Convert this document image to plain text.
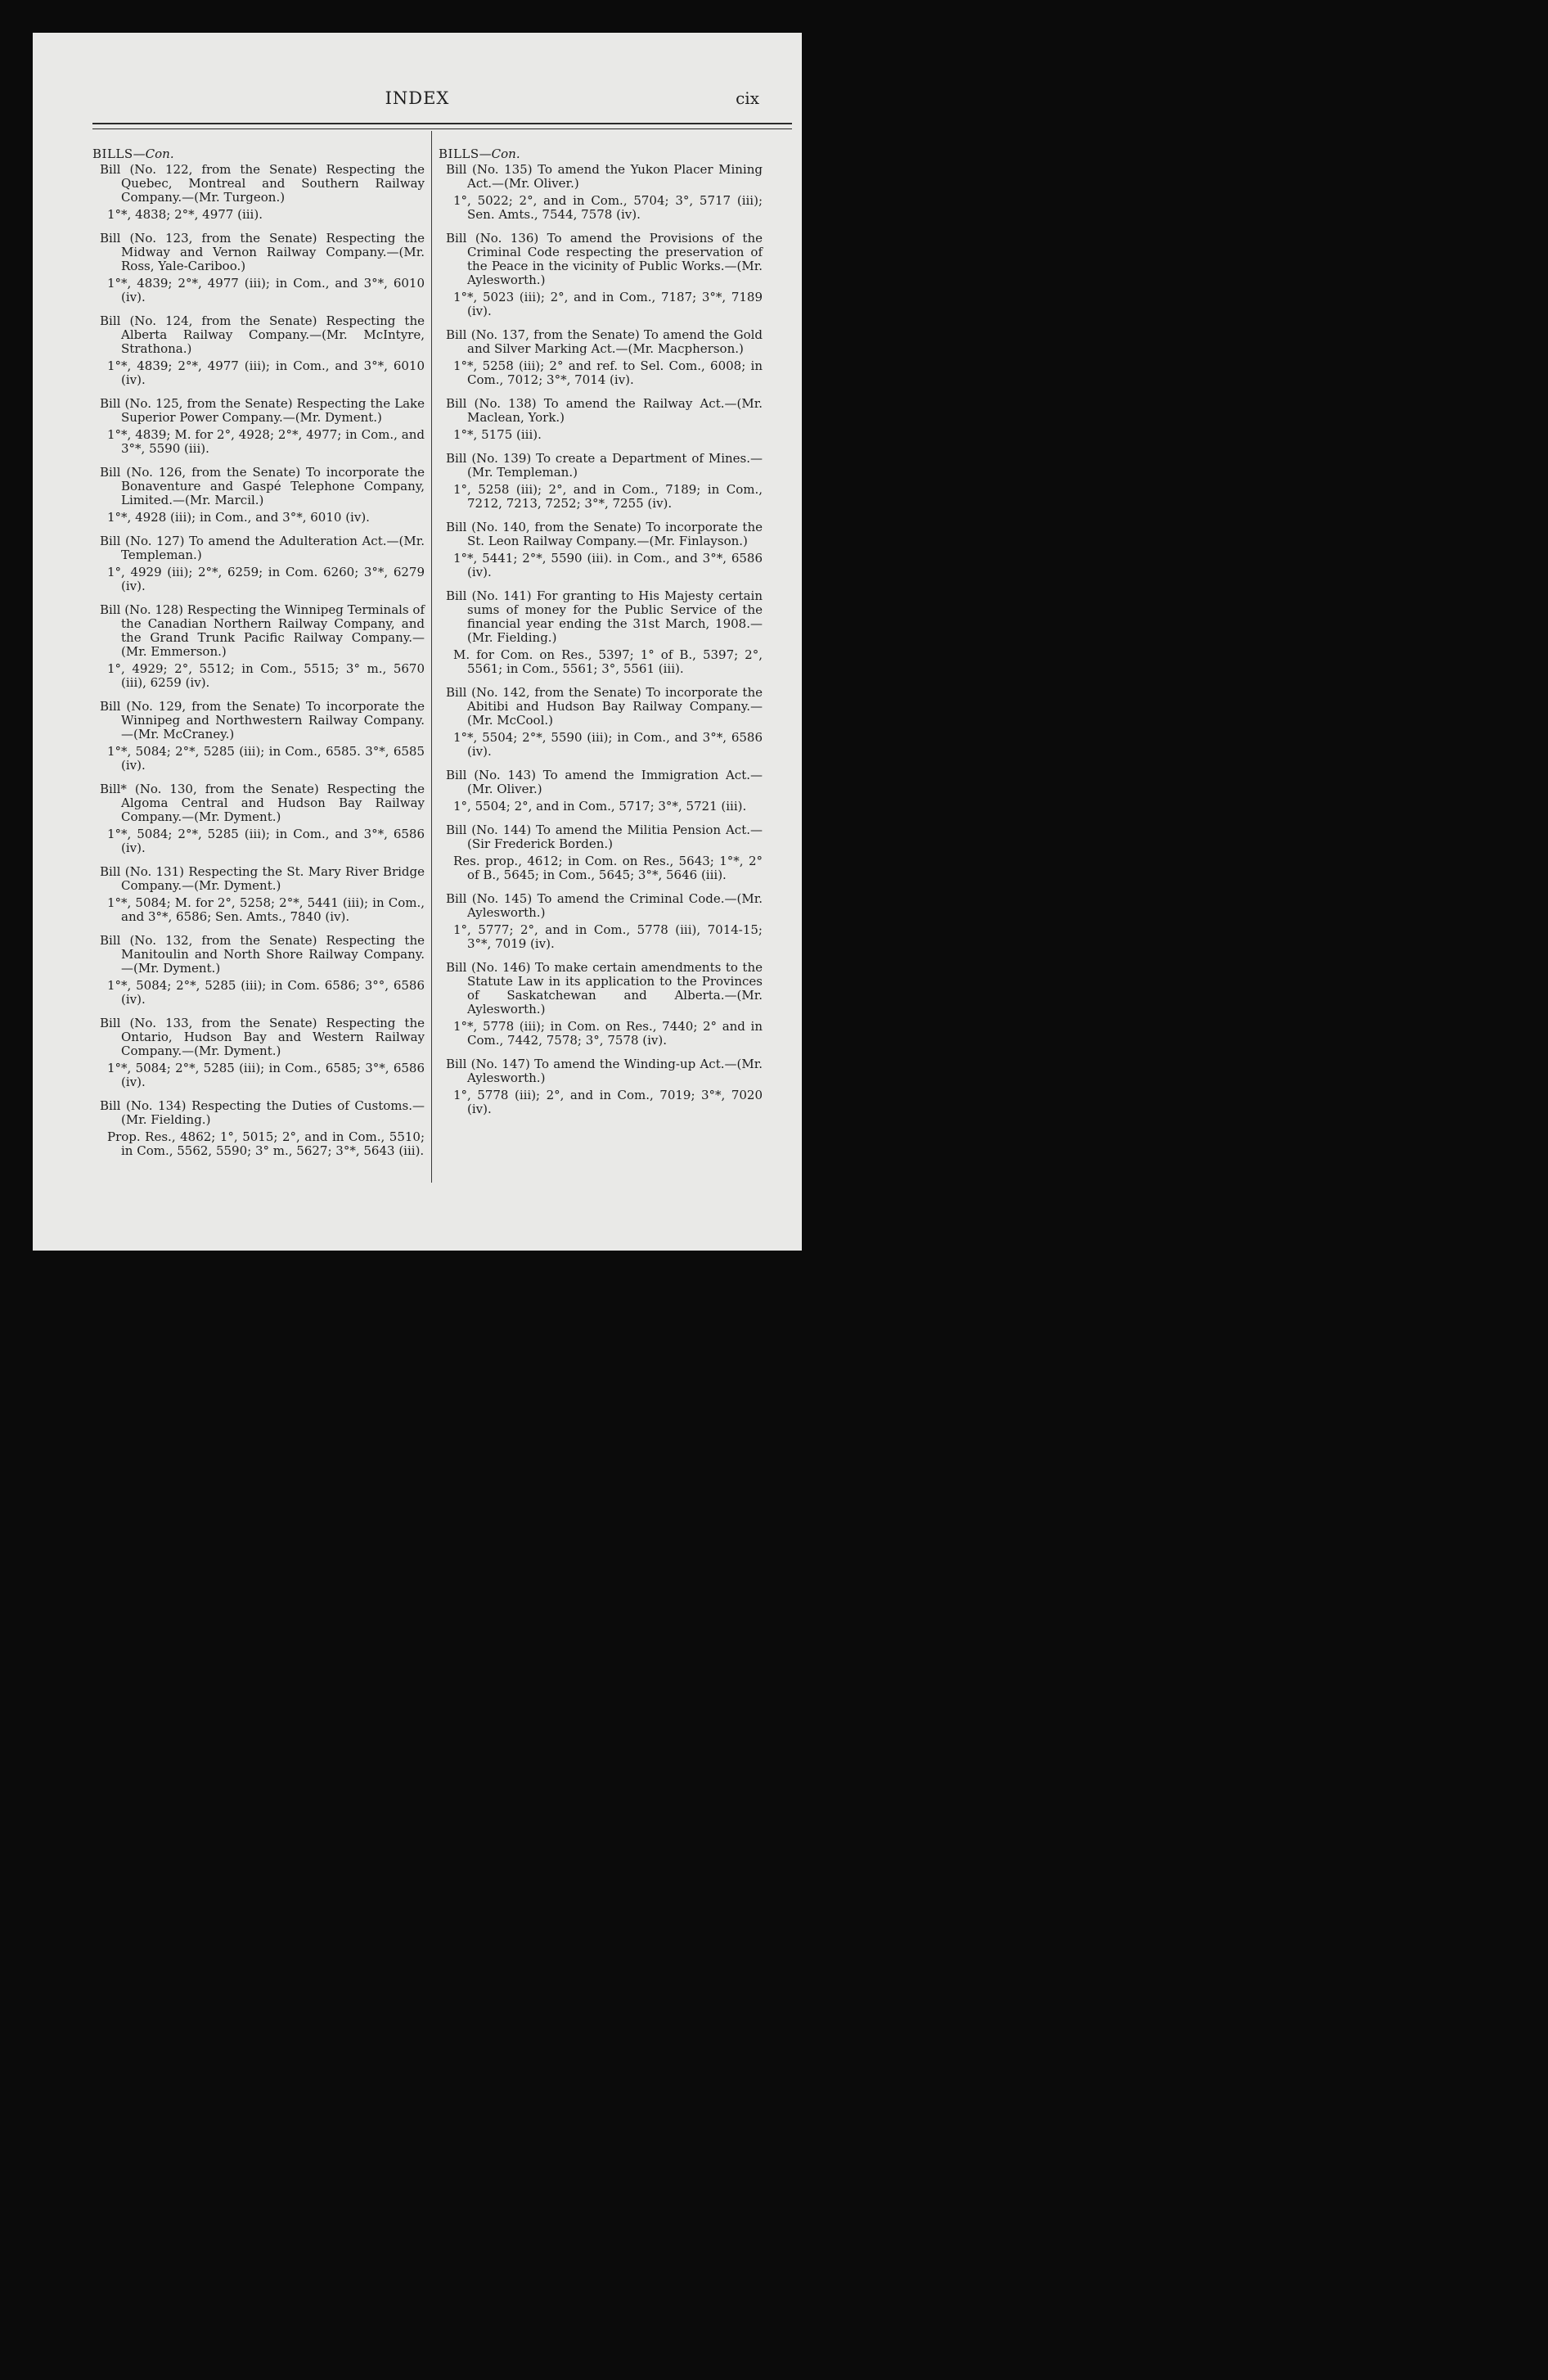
INDEX	cix
BILLS—Con.
Bill (No. 122, from the Senate) Respecting the Quebec, Montreal and Southern Railway Company.—(Mr. Turgeon.)
1°*, 4838; 2°*, 4977 (iii).
Bill (No. 123, from the Senate) Respecting the Midway and Vernon Railway Company.—(Mr. Ross, Yale-Cariboo.)
1°*, 4839; 2°*, 4977 (iii); in Com., and 3°*, 6010 (iv).
Bill (No. 124, from the Senate) Respecting the Alberta Railway Company.—(Mr. McIntyre, Strathona.)
1°*, 4839; 2°*, 4977 (iii); in Com., and 3°*, 6010 (iv).
Bill (No. 125, from the Senate) Respecting the Lake Superior Power Company.—(Mr. Dyment.)
1°*, 4839; M. for 2°, 4928; 2°*, 4977; in Com., and 3°*, 5590 (iii).
Bill (No. 126, from the Senate) To incorporate the Bonaventure and Gaspé Telephone Company, Limited.—(Mr. Marcil.)
1°*, 4928 (iii); in Com., and 3°*, 6010 (iv).
Bill (No. 127) To amend the Adulteration Act.—(Mr. Templeman.)
1°, 4929 (iii); 2°*, 6259; in Com. 6260; 3°*, 6279 (iv).
Bill (No. 128) Respecting the Winnipeg Terminals of the Canadian Northern Railway Company, and the Grand Trunk Pacific Railway Company.—(Mr. Emmerson.)
1°, 4929; 2°, 5512; in Com., 5515; 3° m., 5670 (iii), 6259 (iv).
Bill (No. 129, from the Senate) To incorporate the Winnipeg and Northwestern Railway Company.—(Mr. McCraney.)
1°*, 5084; 2°*, 5285 (iii); in Com., 6585. 3°*, 6585 (iv).
Bill* (No. 130, from the Senate) Respecting the Algoma Central and Hudson Bay Railway Company.—(Mr. Dyment.)
1°*, 5084; 2°*, 5285 (iii); in Com., and 3°*, 6586 (iv).
Bill (No. 131) Respecting the St. Mary River Bridge Company.—(Mr. Dyment.)
1°*, 5084; M. for 2°, 5258; 2°*, 5441 (iii); in Com., and 3°*, 6586; Sen. Amts., 7840 (iv).
Bill (No. 132, from the Senate) Respecting the Manitoulin and North Shore Railway Company.—(Mr. Dyment.)
1°*, 5084; 2°*, 5285 (iii); in Com. 6586; 3°°, 6586 (iv).
Bill (No. 133, from the Senate) Respecting the Ontario, Hudson Bay and Western Railway Company.—(Mr. Dyment.)
1°*, 5084; 2°*, 5285 (iii); in Com., 6585; 3°*, 6586 (iv).
Bill (No. 134) Respecting the Duties of Customs.—(Mr. Fielding.)
Prop. Res., 4862; 1°, 5015; 2°, and in Com., 5510; in Com., 5562, 5590; 3° m., 5627; 3°*, 5643 (iii).
BILLS—Con.
Bill (No. 135) To amend the Yukon Placer Mining Act.—(Mr. Oliver.)
1°, 5022; 2°, and in Com., 5704; 3°, 5717 (iii); Sen. Amts., 7544, 7578 (iv).
Bill (No. 136) To amend the Provisions of the Criminal Code respecting the preservation of the Peace in the vicinity of Public Works.—(Mr. Aylesworth.)
1°*, 5023 (iii); 2°, and in Com., 7187; 3°*, 7189 (iv).
Bill (No. 137, from the Senate) To amend the Gold and Silver Marking Act.—(Mr. Macpherson.)
1°*, 5258 (iii); 2° and ref. to Sel. Com., 6008; in Com., 7012; 3°*, 7014 (iv).
Bill (No. 138) To amend the Railway Act.—(Mr. Maclean, York.)
1°*, 5175 (iii).
Bill (No. 139) To create a Department of Mines.—(Mr. Templeman.)
1°, 5258 (iii); 2°, and in Com., 7189; in Com., 7212, 7213, 7252; 3°*, 7255 (iv).
Bill (No. 140, from the Senate) To incorporate the St. Leon Railway Company.—(Mr. Finlayson.)
1°*, 5441; 2°*, 5590 (iii). in Com., and 3°*, 6586 (iv).
Bill (No. 141) For granting to His Majesty certain sums of money for the Public Service of the financial year ending the 31st March, 1908.—(Mr. Fielding.)
M. for Com. on Res., 5397; 1° of B., 5397; 2°, 5561; in Com., 5561; 3°, 5561 (iii).
Bill (No. 142, from the Senate) To incorporate the Abitibi and Hudson Bay Railway Company.—(Mr. McCool.)
1°*, 5504; 2°*, 5590 (iii); in Com., and 3°*, 6586 (iv).
Bill (No. 143) To amend the Immigration Act.—(Mr. Oliver.)
1°, 5504; 2°, and in Com., 5717; 3°*, 5721 (iii).
Bill (No. 144) To amend the Militia Pension Act.—(Sir Frederick Borden.)
Res. prop., 4612; in Com. on Res., 5643; 1°*, 2° of B., 5645; in Com., 5645; 3°*, 5646 (iii).
Bill (No. 145) To amend the Criminal Code.—(Mr. Aylesworth.)
1°, 5777; 2°, and in Com., 5778 (iii), 7014-15; 3°*, 7019 (iv).
Bill (No. 146) To make certain amendments to the Statute Law in its application to the Provinces of Saskatchewan and Alberta.—(Mr. Aylesworth.)
1°*, 5778 (iii); in Com. on Res., 7440; 2° and in Com., 7442, 7578; 3°, 7578 (iv).
Bill (No. 147) To amend the Winding-up Act.—(Mr. Aylesworth.)
1°, 5778 (iii); 2°, and in Com., 7019; 3°*, 7020 (iv).
